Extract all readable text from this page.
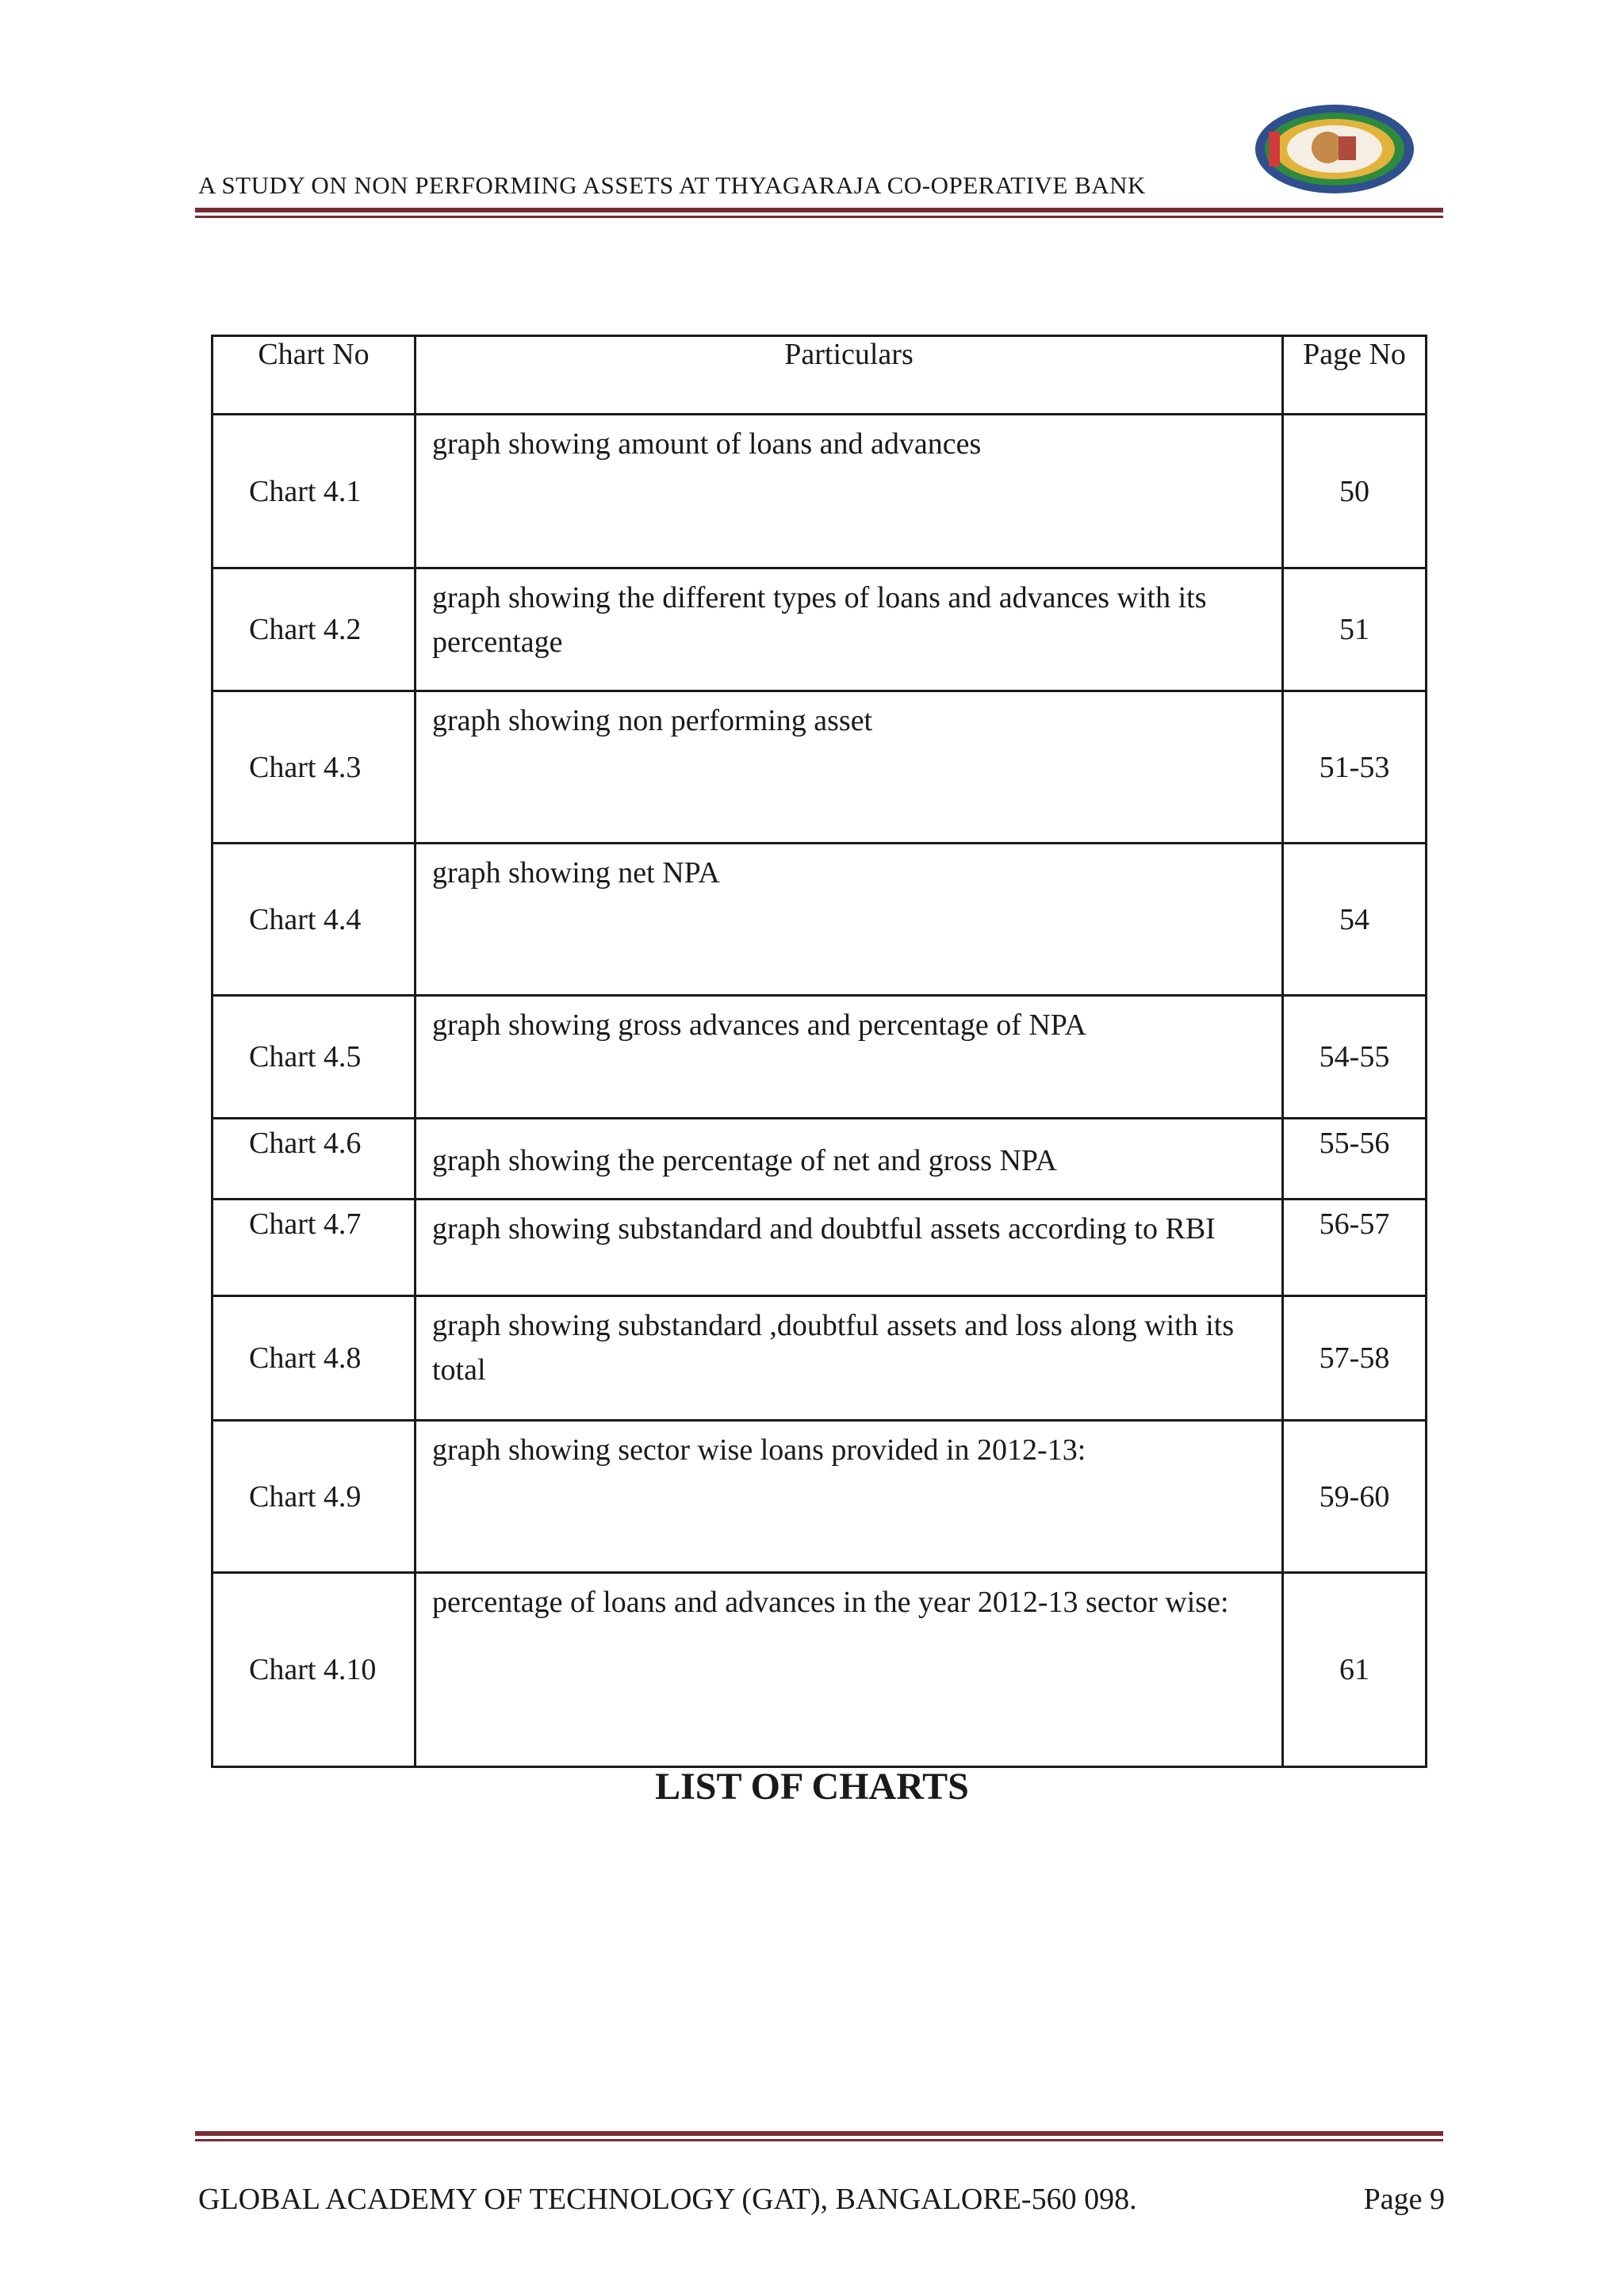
A STUDY ON NON PERFORMING ASSETS AT THYAGARAJA CO-OPERATIVE BANK
Chart No	Particulars	Page No
Chart 4.1	graph showing amount of loans and advances	50
Chart 4.2	graph showing the different types of loans and advances with its percentage	51
Chart 4.3	graph showing non performing asset	51-53
Chart 4.4	graph showing net NPA	54
Chart 4.5	graph showing gross advances and percentage of NPA	54-55
Chart 4.6	graph showing the percentage of net and gross NPA	55-56
Chart 4.7	graph showing substandard and doubtful assets according to RBI	56-57
Chart 4.8	graph showing substandard ,doubtful assets and loss along with its total	57-58
Chart 4.9	graph showing sector wise loans provided in 2012-13:	59-60
Chart 4.10	percentage of loans and advances in the year 2012-13 sector wise:	61
LIST OF CHARTS
GLOBAL ACADEMY OF TECHNOLOGY (GAT), BANGALORE-560 098.	Page 9
